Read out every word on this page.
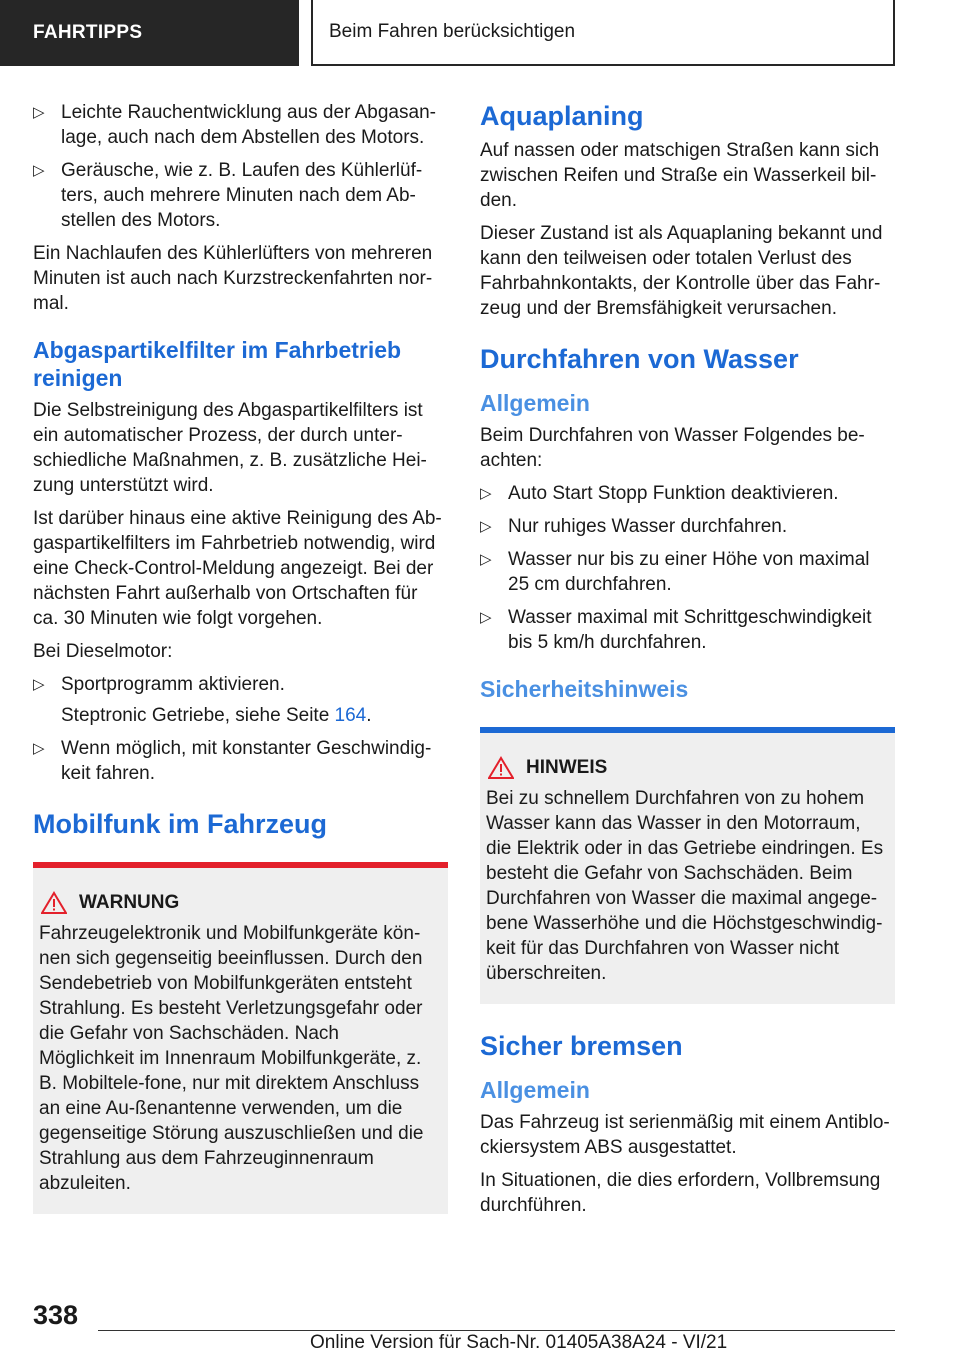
FAHRTIPPS	Beim Fahren berücksichtigen
▷ Leichte Rauchentwicklung aus der Abgasan-lage, auch nach dem Abstellen des Motors.
▷ Geräusche, wie z. B. Laufen des Kühlerlüf-ters, auch mehrere Minuten nach dem Ab-stellen des Motors.

Ein Nachlaufen des Kühlerlüfters von mehreren Minuten ist auch nach Kurzstreckenfahrten nor-mal.

Abgaspartikelfilter im Fahrbetrieb reinigen

Die Selbstreinigung des Abgaspartikelfilters ist ein automatischer Prozess, der durch unter-schiedliche Maßnahmen, z. B. zusätzliche Hei-zung unterstützt wird.

Ist darüber hinaus eine aktive Reinigung des Ab-gaspartikelfilters im Fahrbetrieb notwendig, wird eine Check-Control-Meldung angezeigt. Bei der nächsten Fahrt außerhalb von Ortschaften für ca. 30 Minuten wie folgt vorgehen.

Bei Dieselmotor:

▷ Sportprogramm aktivieren.
Steptronic Getriebe, siehe Seite 164.
▷ Wenn möglich, mit konstanter Geschwindig-keit fahren.
Mobilfunk im Fahrzeug
WARNUNG

Fahrzeugelektronik und Mobilfunkgeräte kön-nen sich gegenseitig beeinflussen. Durch den Sendebetrieb von Mobilfunkgeräten entsteht Strahlung. Es besteht Verletzungsgefahr oder die Gefahr von Sachschäden. Nach Möglichkeit im Innenraum Mobilfunkgeräte, z. B. Mobiltele-fone, nur mit direktem Anschluss an eine Au-ßenantenne verwenden, um die gegenseitige Störung auszuschließen und die Strahlung aus dem Fahrzeuginnenraum abzuleiten.

Aquaplaning

Auf nassen oder matschigen Straßen kann sich zwischen Reifen und Straße ein Wasserkeil bil-den.

Dieser Zustand ist als Aquaplaning bekannt und kann den teilweisen oder totalen Verlust des Fahrbahnkontakts, der Kontrolle über das Fahr-zeug und der Bremsfähigkeit verursachen.

Durchfahren von Wasser
Allgemein

Beim Durchfahren von Wasser Folgendes be-achten:

▷ Auto Start Stopp Funktion deaktivieren.
▷ Nur ruhiges Wasser durchfahren.
▷ Wasser nur bis zu einer Höhe von maximal 25 cm durchfahren.
▷ Wasser maximal mit Schrittgeschwindigkeit bis 5 km/h durchfahren.
Sicherheitshinweis
HINWEIS

Bei zu schnellem Durchfahren von zu hohem Wasser kann das Wasser in den Motorraum, die Elektrik oder in das Getriebe eindringen. Es besteht die Gefahr von Sachschäden. Beim Durchfahren von Wasser die maximal angege-bene Wasserhöhe und die Höchstgeschwindig-keit für das Durchfahren von Wasser nicht überschreiten.

Sicher bremsen
Allgemein

Das Fahrzeug ist serienmäßig mit einem Antiblo-ckiersystem ABS ausgestattet.

In Situationen, die dies erfordern, Vollbremsung durchführen.

338
Online Version für Sach-Nr. 01405A38A24 - VI/21
